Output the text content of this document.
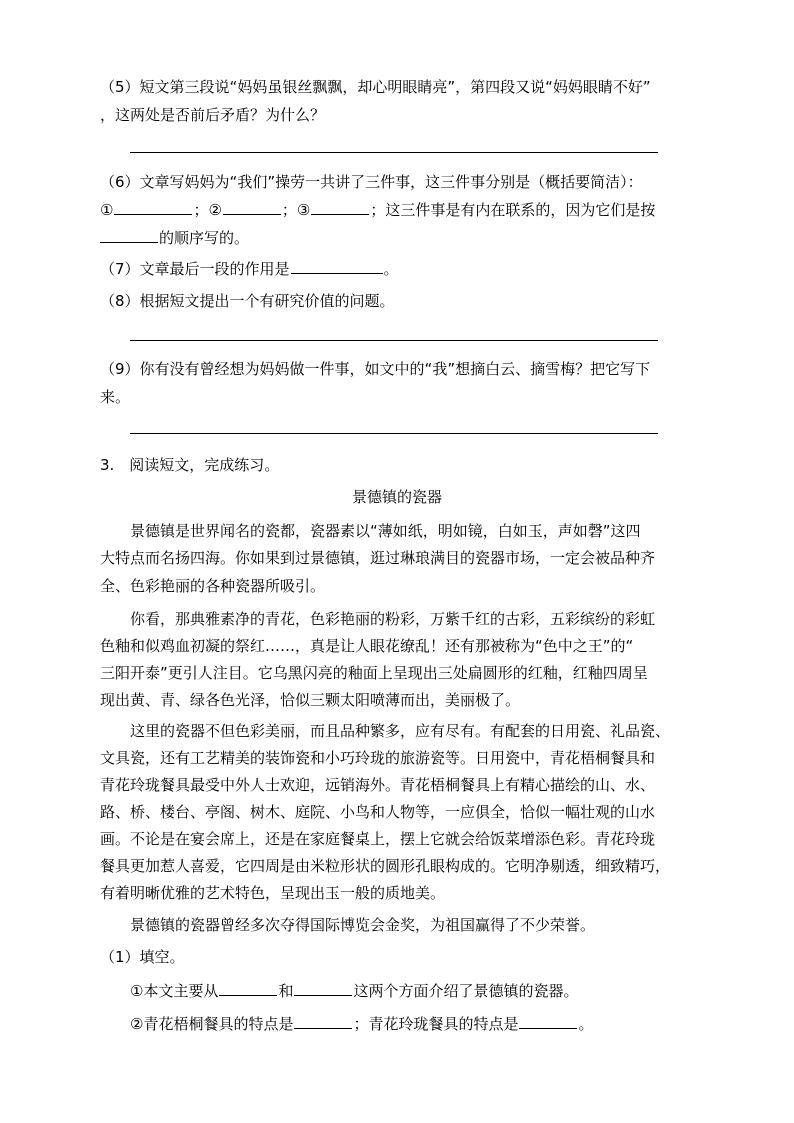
（5）短文第三段说“妈妈虽银丝飘飘，却心明眼睛亮”，第四段又说“妈妈眼睛不好”
，这两处是否前后矛盾？为什么？
（6）文章写妈妈为“我们”操劳一共讲了三件事，这三件事分别是（概括要简洁）：
①	；②	；③	；这三件事是有内在联系的，因为它们是按
的顺序写的。
（7）文章最后一段的作用是	。
（8）根据短文提出一个有研究价值的问题。
（9）你有没有曾经想为妈妈做一件事，如文中的“我”想摘白云、摘雪梅？把它写下
来。
3.　阅读短文，完成练习。
景德镇的瓷器
景德镇是世界闻名的瓷都，瓷器素以“薄如纸，明如镜，白如玉，声如磬”这四
大特点而名扬四海。你如果到过景德镇，逛过琳琅满目的瓷器市场，一定会被品种齐
全、色彩艳丽的各种瓷器所吸引。
你看，那典雅素净的青花，色彩艳丽的粉彩，万紫千红的古彩，五彩缤纷的彩虹
色釉和似鸡血初凝的祭红……，真是让人眼花缭乱！还有那被称为“色中之王”的“
三阳开泰”更引人注目。它乌黑闪亮的釉面上呈现出三处扁圆形的红釉，红釉四周呈
现出黄、青、绿各色光泽，恰似三颗太阳喷薄而出，美丽极了。
这里的瓷器不但色彩美丽，而且品种繁多，应有尽有。有配套的日用瓷、礼品瓷、
文具瓷，还有工艺精美的装饰瓷和小巧玲珑的旅游瓷等。日用瓷中，青花梧桐餐具和
青花玲珑餐具最受中外人士欢迎，远销海外。青花梧桐餐具上有精心描绘的山、水、
路、桥、楼台、亭阁、树木、庭院、小鸟和人物等，一应俱全，恰似一幅壮观的山水
画。不论是在宴会席上，还是在家庭餐桌上，摆上它就会给饭菜增添色彩。青花玲珑
餐具更加惹人喜爱，它四周是由米粒形状的圆形孔眼构成的。它明净剔透，细致精巧，
有着明晰优雅的艺术特色，呈现出玉一般的质地美。
景德镇的瓷器曾经多次夺得国际博览会金奖，为祖国赢得了不少荣誉。
（1）填空。
①本文主要从	和	这两个方面介绍了景德镇的瓷器。
②青花梧桐餐具的特点是	；青花玲珑餐具的特点是	。
